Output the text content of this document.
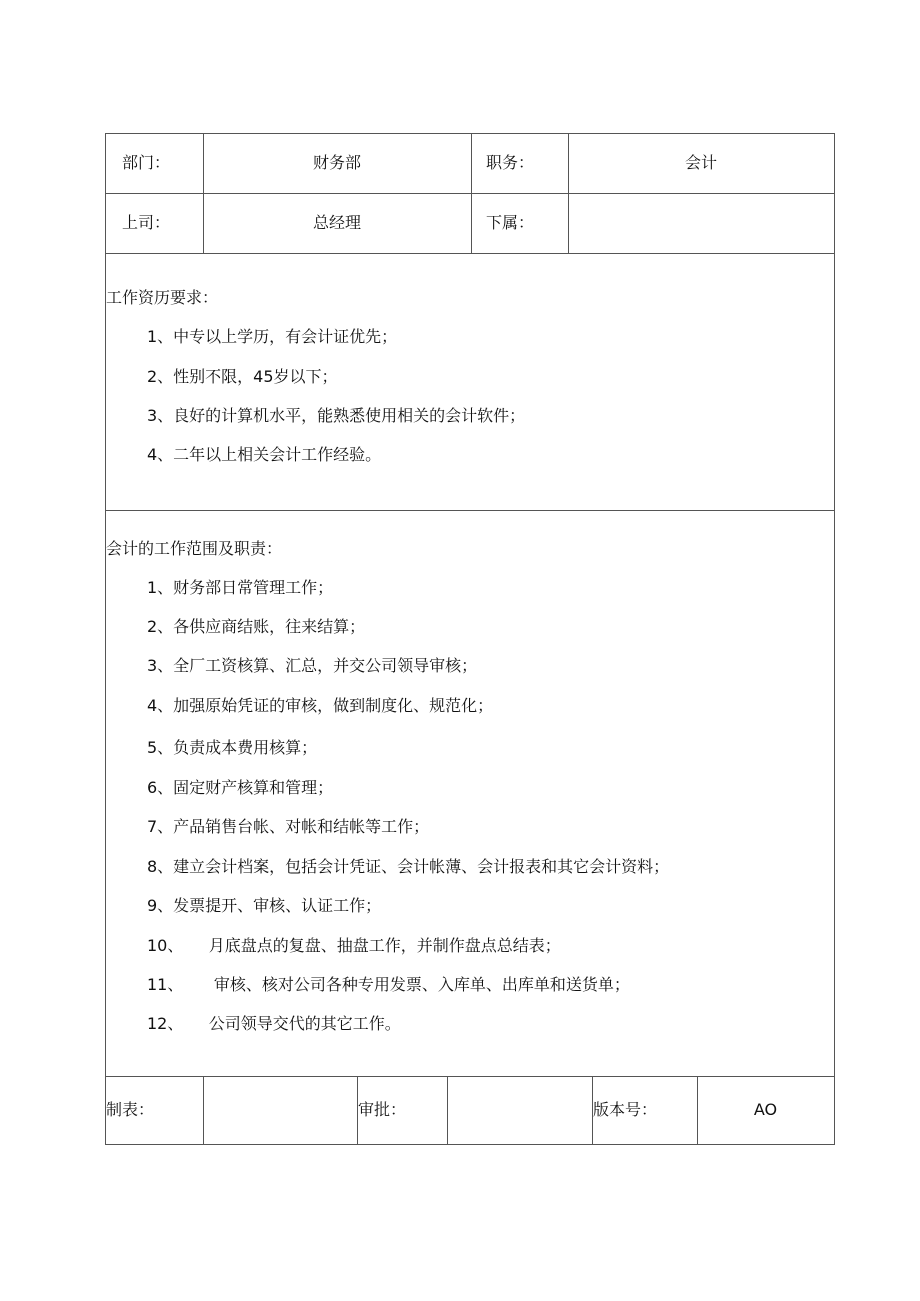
部门：	财务部	职务：	会计
上司：	总经理	下属：
工作资历要求：
1、中专以上学历，有会计证优先；
2、性别不限，45岁以下；
3、良好的计算机水平，能熟悉使用相关的会计软件；
4、二年以上相关会计工作经验。
会计的工作范围及职责：
1、财务部日常管理工作；
2、各供应商结账，往来结算；
3、全厂工资核算、汇总，并交公司领导审核；
4、加强原始凭证的审核，做到制度化、规范化；
5、负责成本费用核算；
6、固定财产核算和管理；
7、产品销售台帐、对帐和结帐等工作；
8、建立会计档案，包括会计凭证、会计帐薄、会计报表和其它会计资料；
9、发票提开、审核、认证工作；
10、     月底盘点的复盘、抽盘工作，并制作盘点总结表；
11、      审核、核对公司各种专用发票、入库单、出库单和送货单；
12、     公司领导交代的其它工作。
制表：	审批：	版本号：	AO
